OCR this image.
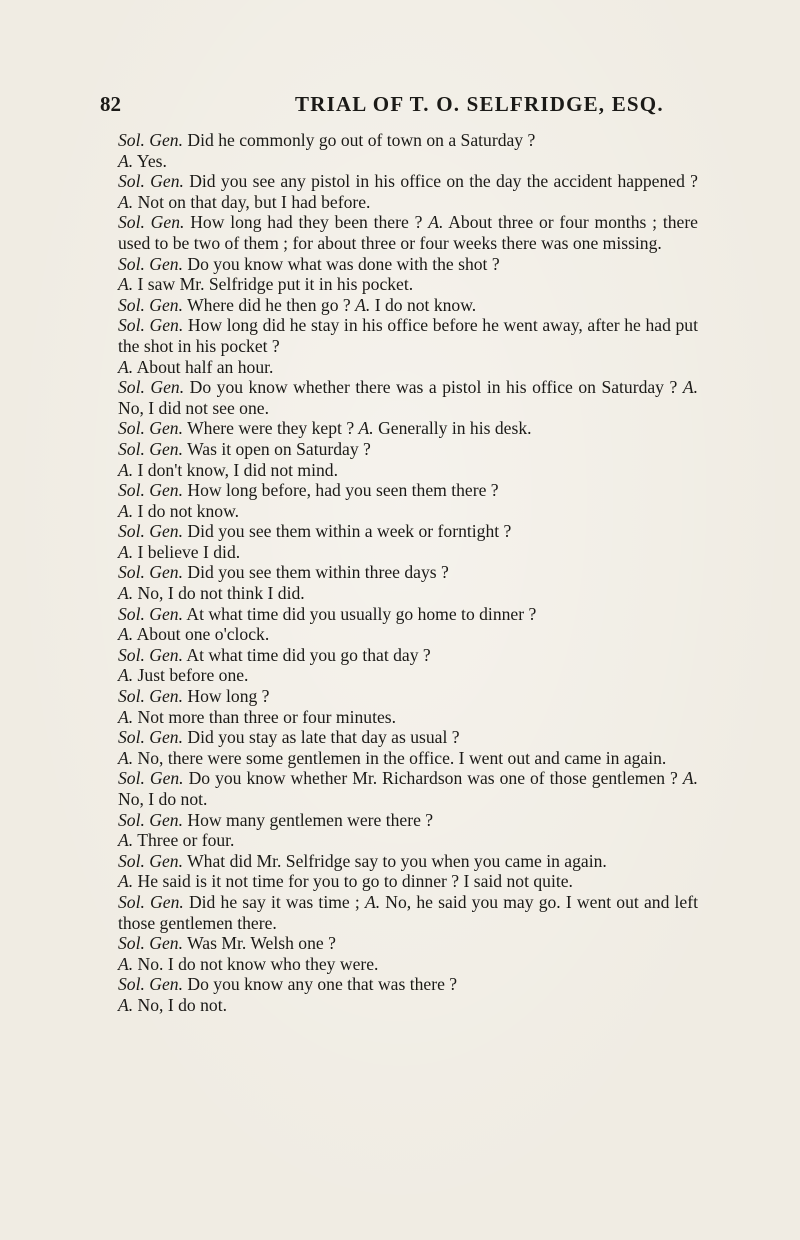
82	TRIAL OF T. O. SELFRIDGE, ESQ.

Sol. Gen. Did he commonly go out of town on a Saturday ?

A. Yes.

Sol. Gen. Did you see any pistol in his office on the day the accident happened ? A. Not on that day, but I had before.

Sol. Gen. How long had they been there ? A. About three or four months ; there used to be two of them ; for about three or four weeks there was one missing.

Sol. Gen. Do you know what was done with the shot ?

A. I saw Mr. Selfridge put it in his pocket.

Sol. Gen. Where did he then go ? A. I do not know.

Sol. Gen. How long did he stay in his office before he went away, after he had put the shot in his pocket ?

A. About half an hour.

Sol. Gen. Do you know whether there was a pistol in his office on Saturday ? A. No, I did not see one.

Sol. Gen. Where were they kept ? A. Generally in his desk.

Sol. Gen. Was it open on Saturday ?

A. I don't know, I did not mind.

Sol. Gen. How long before, had you seen them there ?

A. I do not know.

Sol. Gen. Did you see them within a week or forntight ?

A. I believe I did.

Sol. Gen. Did you see them within three days ?

A. No, I do not think I did.

Sol. Gen. At what time did you usually go home to dinner ?

A. About one o'clock.

Sol. Gen. At what time did you go that day ?

A. Just before one.

Sol. Gen. How long ?

A. Not more than three or four minutes.

Sol. Gen. Did you stay as late that day as usual ?

A. No, there were some gentlemen in the office. I went out and came in again.

Sol. Gen. Do you know whether Mr. Richardson was one of those gentlemen ? A. No, I do not.

Sol. Gen. How many gentlemen were there ?

A. Three or four.

Sol. Gen. What did Mr. Selfridge say to you when you came in again.

A. He said is it not time for you to go to dinner ? I said not quite.

Sol. Gen. Did he say it was time ; A. No, he said you may go. I went out and left those gentlemen there.

Sol. Gen. Was Mr. Welsh one ?

A. No. I do not know who they were.

Sol. Gen. Do you know any one that was there ?

A. No, I do not.
